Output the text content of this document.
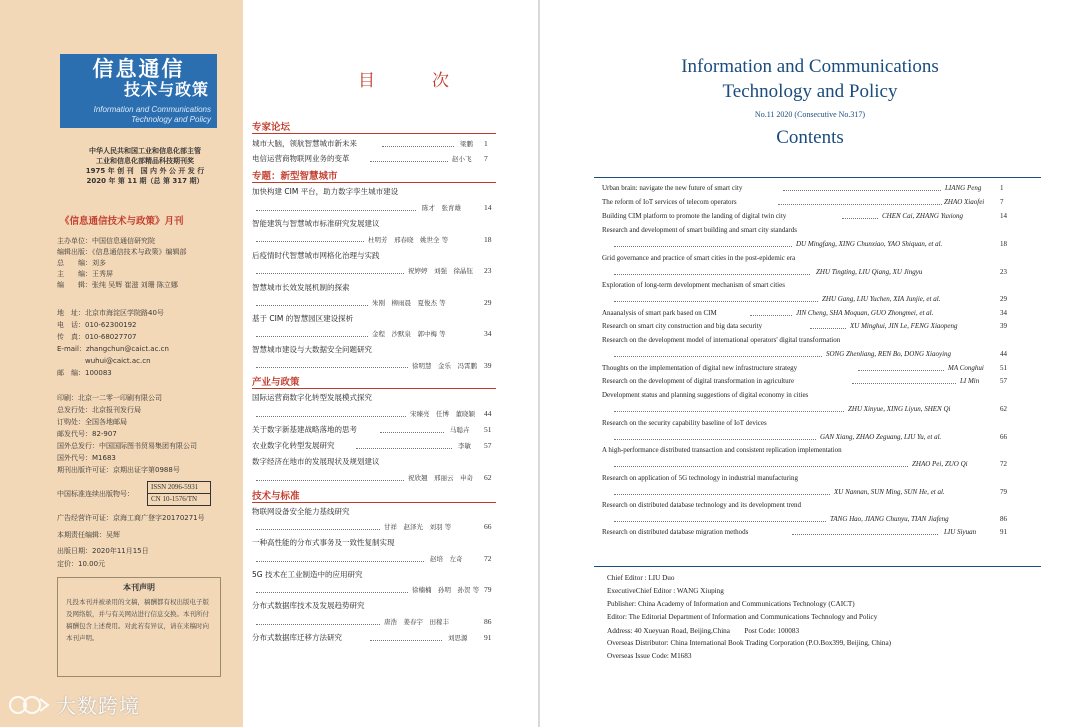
信息通信
技术与政策
Information and Communications
Technology and Policy
中华人民共和国工业和信息化部主管
工业和信息化部精品科技期刊奖
1975 年 创 刊　国 内 外 公 开 发 行
2020 年 第 11 期（总 第 317 期）
《信息通信技术与政策》月刊
主办单位：中国信息通信研究院
编辑出版：《信息通信技术与政策》编辑部
总　　编：刘多
主　　编：王秀屏
编　　辑：张纯 吴辉 崔滋 刘珊 陈立娜
地　址：北京市海淀区学院路40号
电　话：010-62300192
传　真：010-68027707
E-mail：zhangchun@caict.ac.cn
　　　　wuhui@caict.ac.cn
邮　编：100083
印刷：北京一二零一印刷有限公司
总发行处：北京报刊发行局
订购处：全国各地邮局
邮发代号：82-907
国外总发行：中国国际图书贸易集团有限公司
国外代号：M1683
期刊出版许可证：京期出证字第0988号
中国标准连续出版物号：
ISSN 2096-5931
CN 10-1576/TN
广告经营许可证：京海工商广登字20170271号
本期责任编辑：吴辉
出版日期：2020年11月15日
定价：10.00元
本刊声明
凡投本刊并被录用的文稿，稿酬都有权出版电子版及网络版，并与有关网站进行信息交换。本刊所付稿酬包含上述费用。对此若有异议，请在来稿时向本刊声明。
大数跨境
目　次
专家论坛
城市大脑，领航智慧城市新未来	梁鹏 1
电信运营商物联网业务的变革	赵小飞 7
专题：新型智慧城市
加快构建 CIM 平台，助力数字孪生城市建设
陈才　张育雄	14
智能建筑与智慧城市标准研究发展建议
杜明芳　邢春晓　姚世全 等	18
后疫情时代智慧城市网格化治理与实践
祝婷婷　刘强　徐晶钰 23
智慧城市长效发展机制的探索
朱刚　柳雨晨　夏俊杰 等	29
基于 CIM 的智慧园区建设探析
金程　沙默泉　郭中梅 等	34
智慧城市建设与大数据安全问题研究
徐明慧　金乐　冯霄鹏 39
产业与政策
国际运营商数字化转型发展模式探究
宋臻亮　任博　董晓颖 44
关于数字新基建战略落地的思考	马聪卉 51
农业数字化转型发展研究	李敏 57
数字经济在地市的发展现状及规划建议
祝欣翘　邢丽云　申奇 62
技术与标准
物联网设备安全能力基线研究
甘祥　赵泽光　刘羽 等	66
一种高性能的分布式事务及一致性复制实现
赵培　左奇	72
5G 技术在工业制造中的应用研究
徐楠楠　孙明　孙贺 等 79
分布式数据库技术及发展趋势研究
唐浩　姜春宇　田稼丰	86
分布式数据库迁移方法研究	刘思源 91
Information and Communications
Technology and Policy
No.11 2020 (Consecutive No.317)
Contents
Urban brain: navigate the new future of smart city	LIANG Peng	1
The reform of IoT services of telecom operators	ZHAO Xiaofei 7
Building CIM platform to promote the landing of digital twin city	CHEN Cai, ZHANG Yuxiong	14
Research and development of smart building and smart city standards
DU Mingfang, XING Chunxiao, YAO Shiquan, et al.	18
Grid governance and practice of smart cities in the post-epidemic era
ZHU Tingting, LIU Qiang, XU Jingyu	23
Exploration of long-term development mechanism of smart cities
ZHU Gang, LIU Yuchen, XIA Junjie, et al.	29
Anaanalysis of smart park based on CIM	JIN Cheng, SHA Moquan, GUO Zhongmei, et al.	34
Research on smart city construction and big data security	XU Minghui, JIN Le, FENG Xiaopeng	39
Research on the development model of international operators' digital transformation
SONG Zhenliang, REN Bo, DONG Xiaoying	44
Thoughts on the implementation of digital new infrastructure strategy	MA Conghui 51
Research on the development of digital transformation in agriculture	LI Min	57
Development status and planning suggestions of digital economy in cities
ZHU Xinyue, XING Liyun, SHEN Qi	62
Research on the security capability baseline of IoT devices
GAN Xiang, ZHAO Zeguang, LIU Yu, et al.	66
A high-performance distributed transaction and consistent replication implementation
ZHAO Pei, ZUO Qi	72
Research on application of 5G technology in industrial manufacturing
XU Nannan, SUN Ming, SUN He, et al.	79
Research on distributed database technology and its development trend
TANG Hao, JIANG Chunyu, TIAN Jiafeng	86
Research on distributed database migration methods	LIU Siyuan	91
Chief Editor : LIU Duo
ExecutiveChief Editor : WANG Xiuping
Publisher: China Academy of Information and Communications Technology (CAICT)
Editor: The Editorial Department of Information and Communications Technology and Policy
Address: 40 Xueyuan Road, Beijing,China　　Post Code: 100083
Overseas Distributor: China International Book Trading Corporation (P.O.Box399, Beijing, China)
Overseas Issue Code: M1683
